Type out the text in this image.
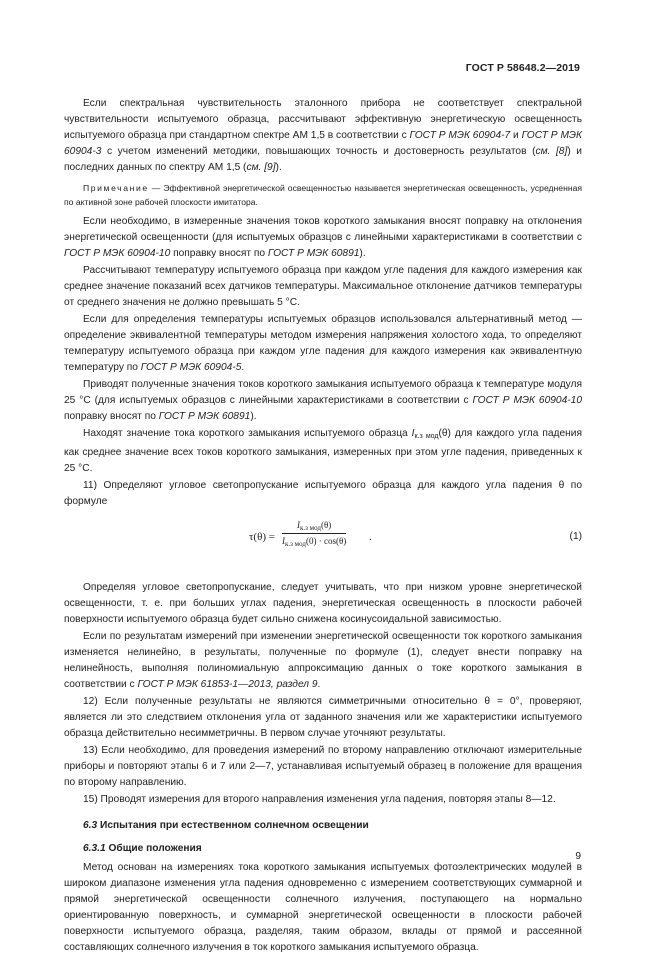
ГОСТ Р 58648.2—2019

Если спектральная чувствительность эталонного прибора не соответствует спектральной чувствительности испытуемого образца, рассчитывают эффективную энергетическую освещенность испытуемого образца при стандартном спектре АМ 1,5 в соответствии с ГОСТ Р МЭК 60904-7 и ГОСТ Р МЭК 60904-3 с учетом изменений методики, повышающих точность и достоверность результатов (см. [8]) и последних данных по спектру АМ 1,5 (см. [9]).

Примечание — Эффективной энергетической освещенностью называется энергетическая освещенность, усредненная по активной зоне рабочей плоскости имитатора.

Если необходимо, в измеренные значения токов короткого замыкания вносят поправку на отклонения энергетической освещенности (для испытуемых образцов с линейными характеристиками в соответствии с ГОСТ Р МЭК 60904-10 поправку вносят по ГОСТ Р МЭК 60891).

Рассчитывают температуру испытуемого образца при каждом угле падения для каждого измерения как среднее значение показаний всех датчиков температуры. Максимальное отклонение датчиков температуры от среднего значения не должно превышать 5 °С.

Если для определения температуры испытуемых образцов использовался альтернативный метод — определение эквивалентной температуры методом измерения напряжения холостого хода, то определяют температуру испытуемого образца при каждом угле падения для каждого измерения как эквивалентную температуру по ГОСТ Р МЭК 60904-5.

Приводят полученные значения токов короткого замыкания испытуемого образца к температуре модуля 25 °С (для испытуемых образцов с линейными характеристиками в соответствии с ГОСТ Р МЭК 60904-10 поправку вносят по ГОСТ Р МЭК 60891).

Находят значение тока короткого замыкания испытуемого образца $I_{к.з мод}(\theta)$ для каждого угла падения как среднее значение всех токов короткого замыкания, измеренных при этом угле падения, приведенных к 25 °С.

11) Определяют угловое светопропускание испытуемого образца для каждого угла падения θ по формуле

τ(θ) =
$I_{к.з мод}(\theta)$
$I_{к.з мод}(0) \cdot \cos(\theta)$ .	(1)

Определяя угловое светопропускание, следует учитывать, что при низком уровне энергетической освещенности, т. е. при больших углах падения, энергетическая освещенность в плоскости рабочей поверхности испытуемого образца будет сильно снижена косинусоидальной зависимостью.

Если по результатам измерений при изменении энергетической освещенности ток короткого замыкания изменяется нелинейно, в результаты, полученные по формуле (1), следует внести поправку на нелинейность, выполняя полиномиальную аппроксимацию данных о токе короткого замыкания в соответствии с ГОСТ Р МЭК 61853-1—2013, раздел 9.

12) Если полученные результаты не являются симметричными относительно θ = 0°, проверяют, является ли это следствием отклонения угла от заданного значения или же характеристики испытуемого образца действительно несимметричны. В первом случае уточняют результаты.

13) Если необходимо, для проведения измерений по второму направлению отключают измерительные приборы и повторяют этапы 6 и 7 или 2—7, устанавливая испытуемый образец в положение для вращения по второму направлению.

15) Проводят измерения для второго направления изменения угла падения, повторяя этапы 8—12.

6.3 Испытания при естественном солнечном освещении
6.3.1 Общие положения

Метод основан на измерениях тока короткого замыкания испытуемых фотоэлектрических модулей в широком диапазоне изменения угла падения одновременно с измерением соответствующих суммарной и прямой энергетической освещенности солнечного излучения, поступающего на нормально ориентированную поверхность, и суммарной энергетической освещенности в плоскости рабочей поверхности испытуемого образца, разделяя, таким образом, вклады от прямой и рассеянной составляющих солнечного излучения в ток короткого замыкания испытуемого образца.

9
